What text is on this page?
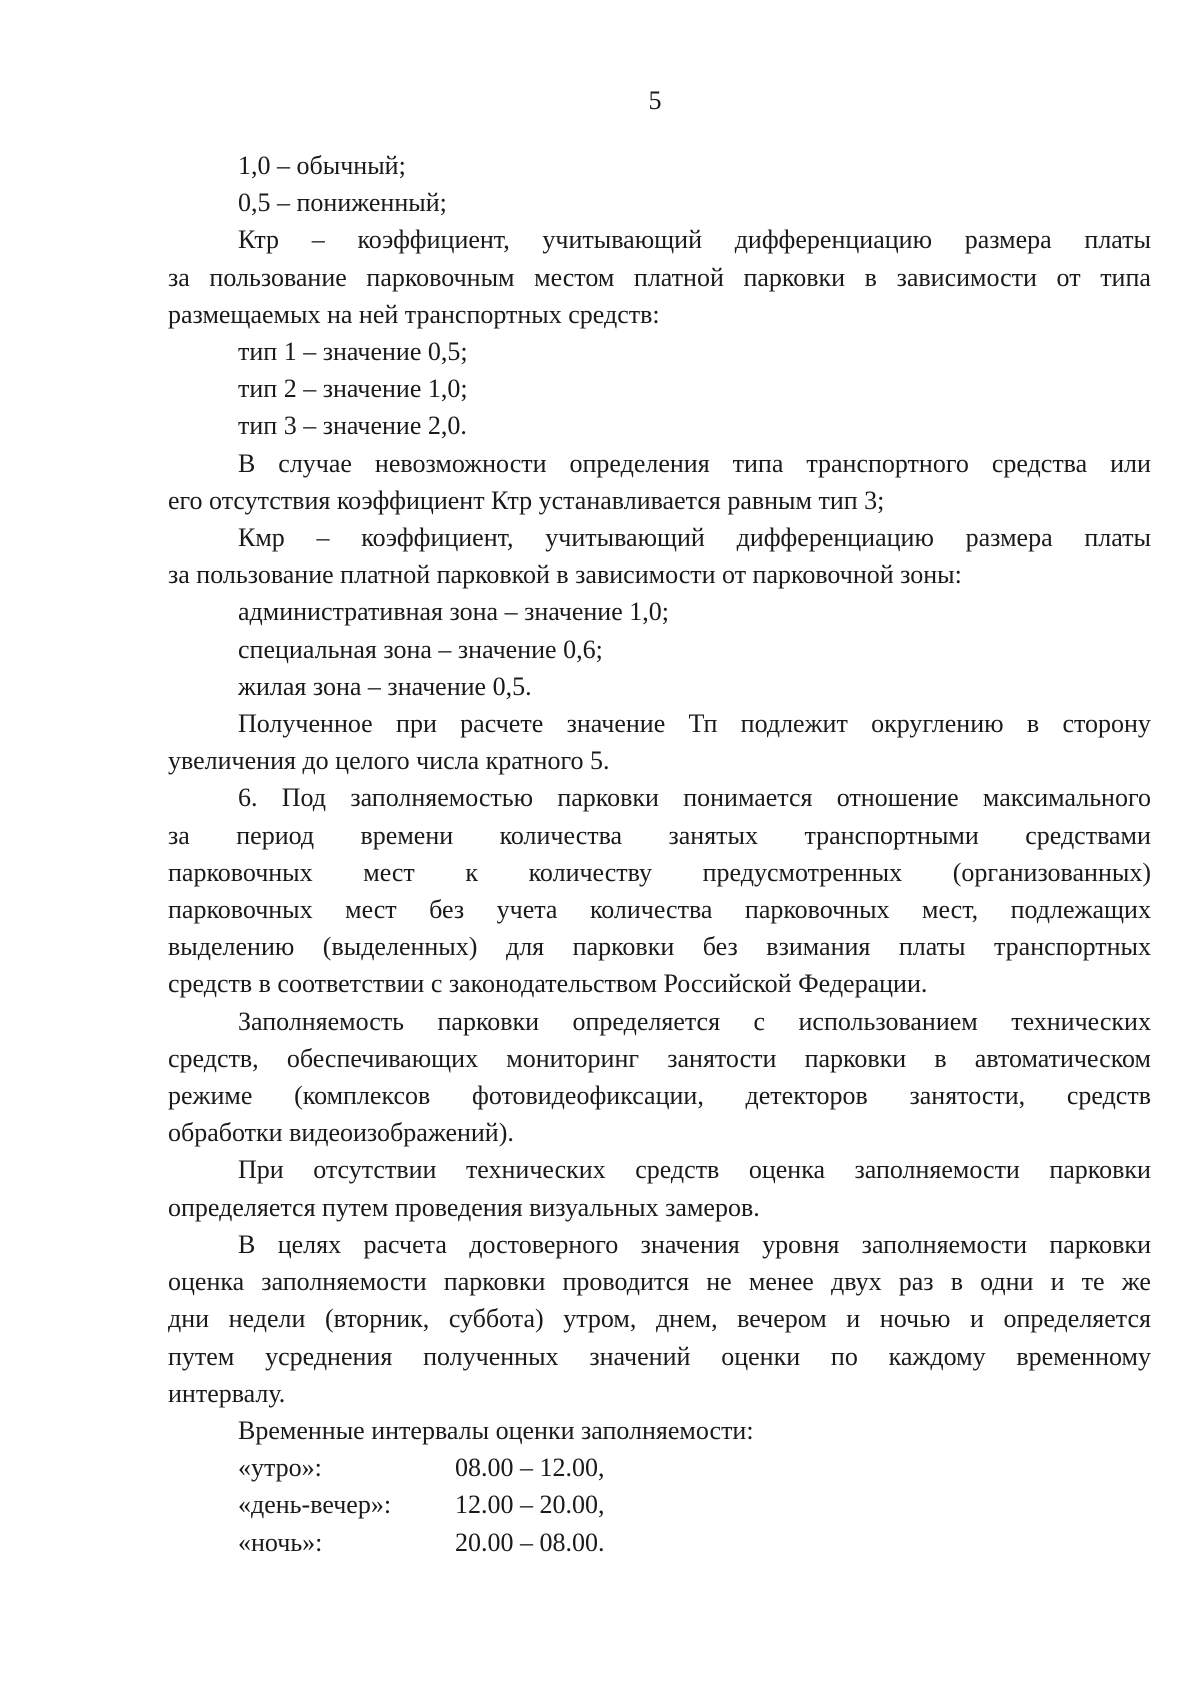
5
1,0 – обычный;
0,5 – пониженный;
Ктр – коэффициент, учитывающий дифференциацию размера платы
за пользование парковочным местом платной парковки в зависимости от типа
размещаемых на ней транспортных средств:
тип 1 – значение 0,5;
тип 2 – значение 1,0;
тип 3 – значение 2,0.
В случае невозможности определения типа транспортного средства или
его отсутствия коэффициент Ктр устанавливается равным тип 3;
Кмр – коэффициент, учитывающий дифференциацию размера платы
за пользование платной парковкой в зависимости от парковочной зоны:
административная зона – значение 1,0;
специальная зона – значение 0,6;
жилая зона – значение 0,5.
Полученное при расчете значение Тп подлежит округлению в сторону
увеличения до целого числа кратного 5.
6. Под заполняемостью парковки понимается отношение максимального
за период времени количества занятых транспортными средствами
парковочных мест к количеству предусмотренных (организованных)
парковочных мест без учета количества парковочных мест, подлежащих
выделению (выделенных) для парковки без взимания платы транспортных
средств в соответствии с законодательством Российской Федерации.
Заполняемость парковки определяется с использованием технических
средств, обеспечивающих мониторинг занятости парковки в автоматическом
режиме (комплексов фотовидеофиксации, детекторов занятости, средств
обработки видеоизображений).
При отсутствии технических средств оценка заполняемости парковки
определяется путем проведения визуальных замеров.
В целях расчета достоверного значения уровня заполняемости парковки
оценка заполняемости парковки проводится не менее двух раз в одни и те же
дни недели (вторник, суббота) утром, днем, вечером и ночью и определяется
путем усреднения полученных значений оценки по каждому временному
интервалу.
Временные интервалы оценки заполняемости:
«утро»:	08.00 – 12.00,
«день-вечер»:	12.00 – 20.00,
«ночь»:	20.00 – 08.00.
